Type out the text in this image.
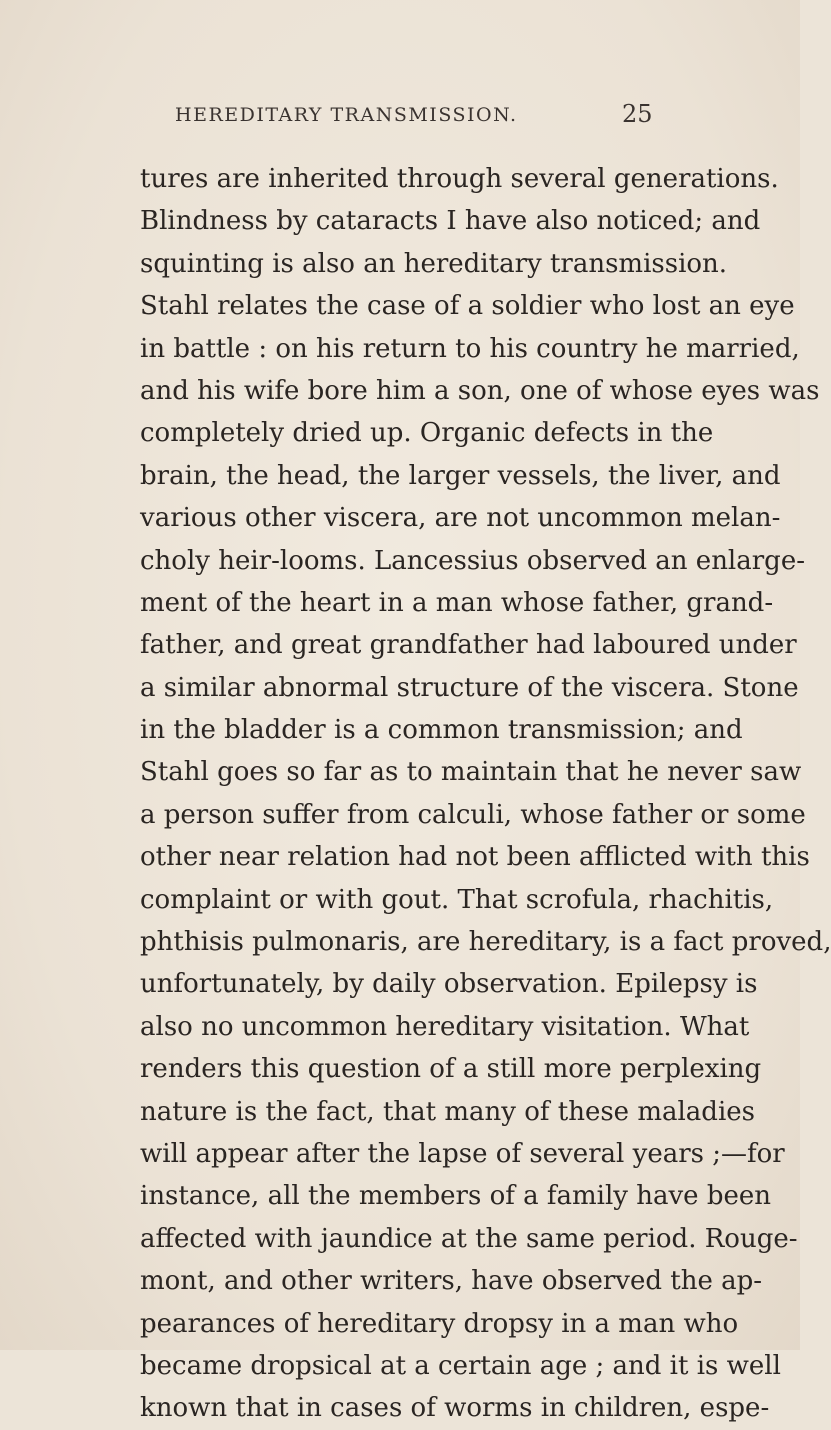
HEREDITARY TRANSMISSION.	25
tures are inherited through several generations.
Blindness by cataracts I have also noticed; and
squinting is also an hereditary transmission.
Stahl relates the case of a soldier who lost an eye
in battle : on his return to his country he married,
and his wife bore him a son, one of whose eyes was
completely dried up. Organic defects in the
brain, the head, the larger vessels, the liver, and
various other viscera, are not uncommon melan-
choly heir-looms. Lancessius observed an enlarge-
ment of the heart in a man whose father, grand-
father, and great grandfather had laboured under
a similar abnormal structure of the viscera. Stone
in the bladder is a common transmission; and
Stahl goes so far as to maintain that he never saw
a person suffer from calculi, whose father or some
other near relation had not been afflicted with this
complaint or with gout. That scrofula, rhachitis,
phthisis pulmonaris, are hereditary, is a fact proved,
unfortunately, by daily observation. Epilepsy is
also no uncommon hereditary visitation. What
renders this question of a still more perplexing
nature is the fact, that many of these maladies
will appear after the lapse of several years ;—for
instance, all the members of a family have been
affected with jaundice at the same period. Rouge-
mont, and other writers, have observed the ap-
pearances of hereditary dropsy in a man who
became dropsical at a certain age ; and it is well
known that in cases of worms in children, espe-
